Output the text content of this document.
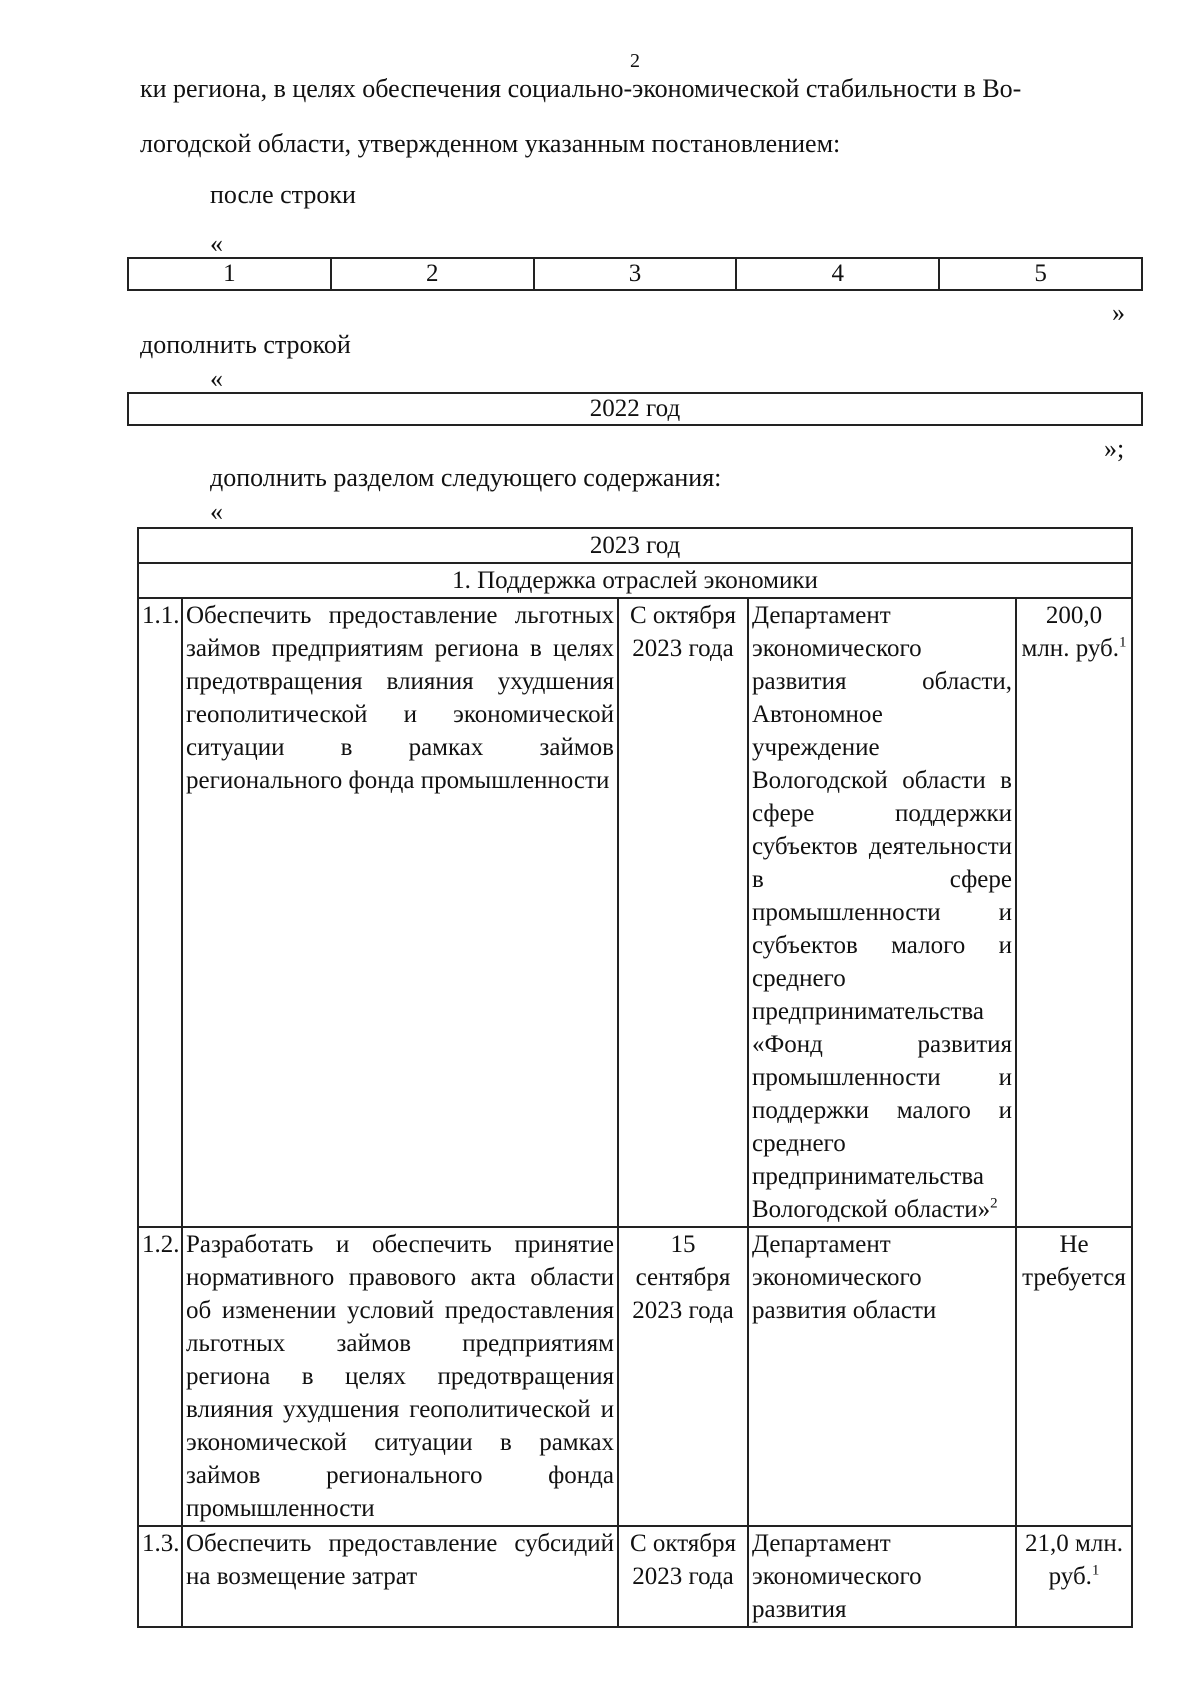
2
ки региона, в целях обеспечения социально-экономической стабильности в Во-
логодской области, утвержденном указанным постановлением:
после строки
«
1	2	3	4	5
»
дополнить строкой
«
2022 год
»;
дополнить разделом следующего содержания:
«
2023 год				
1. Поддержка отраслей экономики				
1.1.	Обеспечить предоставление льготных займов предприятиям региона в целях предотвращения влияния ухудшения геополитической и экономической ситуации в рамках займов регионального фонда промышленности	С октября 2023 года	Департамент экономического развития области, Автономное учреждение Вологодской области в сфере поддержки субъектов деятельности в сфере промышленности и субъектов малого и среднего предпринимательства «Фонд развития промышленности и поддержки малого и среднего предпринимательства Вологодской области»$^2$	200,0 млн. руб.$^1$
1.2.	Разработать и обеспечить принятие нормативного правового акта области об изменении условий предоставления льготных займов предприятиям региона в целях предотвращения влияния ухудшения геополитической и экономической ситуации в рамках займов регионального фонда промышленности	15 сентября 2023 года	Департамент экономического развития области	Не требуется
1.3.	Обеспечить предоставление субсидий на возмещение затрат	С октября 2023 года	Департамент экономического развития	21,0 млн. руб.$^1$
